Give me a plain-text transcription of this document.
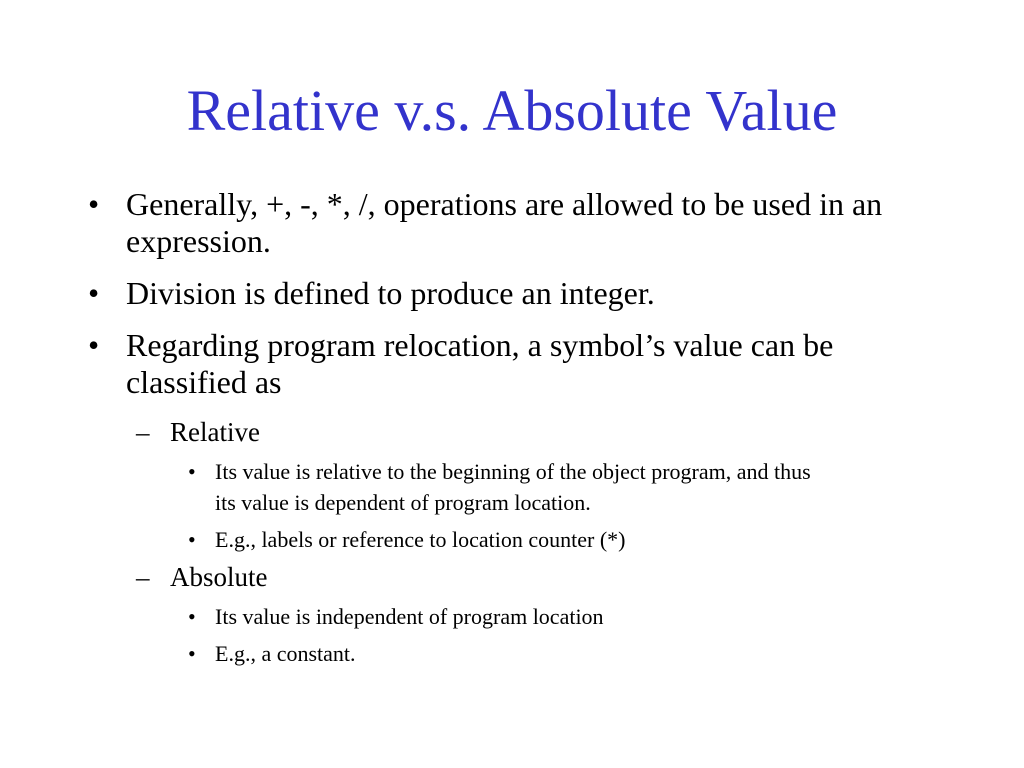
Relative v.s. Absolute Value
• Generally, +, -, *, /, operations are allowed to be used in an expression.
• Division is defined to produce an integer.
• Regarding program relocation, a symbol’s value can be classified as
– Relative
• Its value is relative to the beginning of the object program, and thus its value is dependent of program location.
• E.g., labels or reference to location counter (*)
– Absolute
• Its value is independent of program location
• E.g., a constant.
